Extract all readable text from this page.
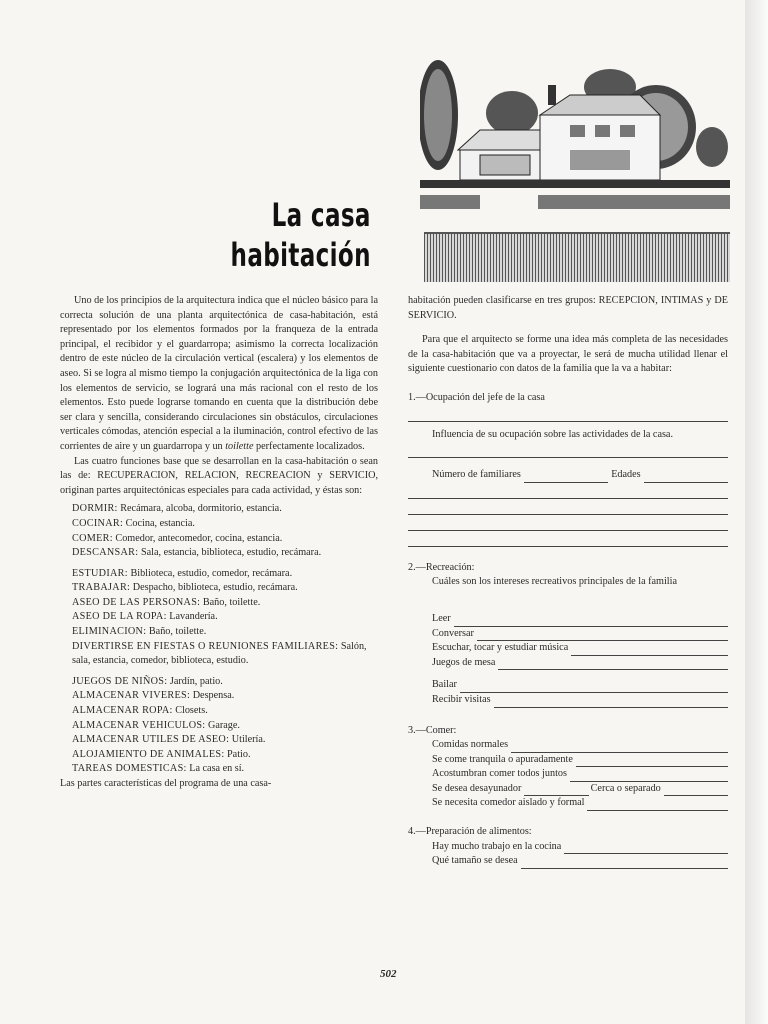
La casa
habitación

Uno de los principios de la arquitectura indica que el núcleo básico para la correcta solución de una planta arquitectónica de casa-habitación, está representado por los elementos formados por la franqueza de la entrada principal, el recibidor y el guardarropa; asimismo la correcta localización dentro de este núcleo de la circulación vertical (escalera) y los elementos de aseo. Si se logra al mismo tiempo la conjugación arquitectónica de la liga con los elementos de servicio, se logrará una más racional con el resto de los elementos. Esto puede lograrse tomando en cuenta que la distribución debe ser clara y sencilla, considerando circulaciones sin obstáculos, circulaciones verticales cómodas, atención especial a la iluminación, control efectivo de las corrientes de aire y un guardarropa y un toilette perfectamente localizados.

Las cuatro funciones base que se desarrollan en la casa-habitación o sean las de: RECUPERACION, RELACION, RECREACION y SERVICIO, originan partes arquitectónicas especiales para cada actividad, y éstas son:

DORMIR: Recámara, alcoba, dormitorio, estancia.
COCINAR: Cocina, estancia.
COMER: Comedor, antecomedor, cocina, estancia.
DESCANSAR: Sala, estancia, biblioteca, estudio, recámara.
ESTUDIAR: Biblioteca, estudio, comedor, recámara.
TRABAJAR: Despacho, biblioteca, estudio, recámara.
ASEO DE LAS PERSONAS: Baño, toilette.
ASEO DE LA ROPA: Lavandería.
ELIMINACION: Baño, toilette.
DIVERTIRSE EN FIESTAS O REUNIONES FAMILIARES: Salón, sala, estancia, comedor, biblioteca, estudio.
JUEGOS DE NIÑOS: Jardín, patio.
ALMACENAR VIVERES: Despensa.
ALMACENAR ROPA: Closets.
ALMACENAR VEHICULOS: Garage.
ALMACENAR UTILES DE ASEO: Utilería.
ALOJAMIENTO DE ANIMALES: Patio.
TAREAS DOMESTICAS: La casa en sí.

Las partes características del programa de una casa-

habitación pueden clasificarse en tres grupos: RECEPCION, INTIMAS y DE SERVICIO.

Para que el arquitecto se forme una idea más completa de las necesidades de la casa-habitación que va a proyectar, le será de mucha utilidad llenar el siguiente cuestionario con datos de la familia que la va a habitar:

1.—Ocupación del jefe de la casa

Influencia de su ocupación sobre las actividades de la casa.

Número de familiares	Edades
2.—Recreación:

Cuáles son los intereses recreativos principales de la familia

Leer
Conversar
Escuchar, tocar y estudiar música
Juegos de mesa
Bailar
Recibir visitas
3.—Comer:
Comidas normales
Se come tranquila o apuradamente
Acostumbran comer todos juntos
Se desea desayunador	Cerca o separado
Se necesita comedor aislado y formal
4.—Preparación de alimentos:
Hay mucho trabajo en la cocina
Qué tamaño se desea
502
